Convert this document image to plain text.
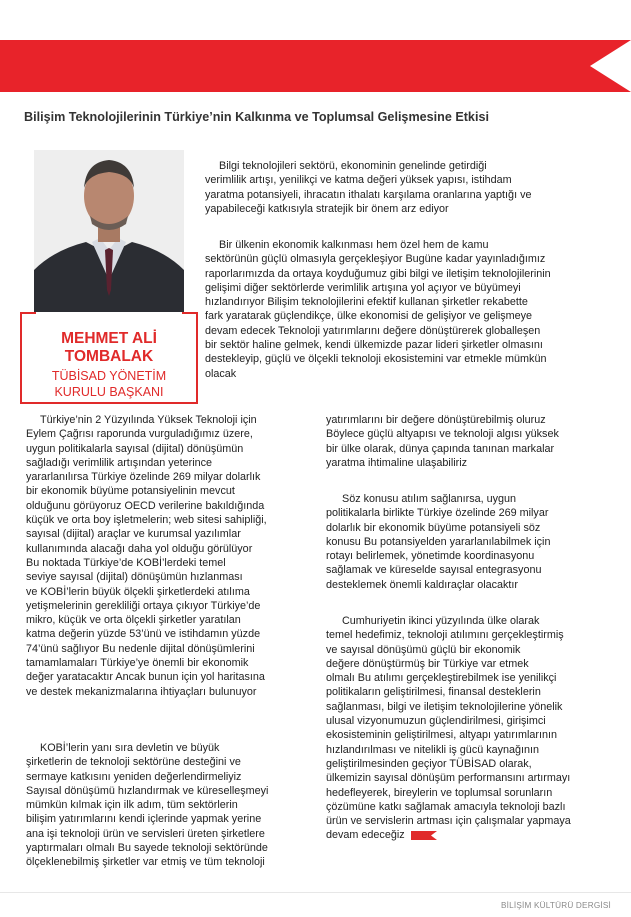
Bilişim Teknolojilerinin Türkiye’nin Kalkınma ve Toplumsal Gelişmesine Etkisi
MEHMET ALİ
TOMBALAK
TÜBİSAD YÖNETİM
KURULU BAŞKANI
Bilgi teknolojileri sektörü, ekonominin genelinde getirdiği
verimlilik artışı, yenilikçi ve katma değeri yüksek yapısı, istihdam
yaratma potansiyeli, ihracatın ithalatı karşılama oranlarına yaptığı ve
yapabileceği katkısıyla stratejik bir önem arz ediyor
Bir ülkenin ekonomik kalkınması hem özel hem de kamu
sektörünün güçlü olmasıyla gerçekleşiyor Bugüne kadar yayınladığımız
raporlarımızda da ortaya koyduğumuz gibi bilgi ve iletişim teknolojilerinin
gelişimi diğer sektörlerde verimlilik artışına yol açıyor ve büyümeyi
hızlandırıyor Bilişim teknolojilerini efektif kullanan şirketler rekabette
fark yaratarak güçlendikçe, ülke ekonomisi de gelişiyor ve gelişmeye
devam edecek Teknoloji yatırımlarını değere dönüştürerek globalleşen
bir sektör haline gelmek, kendi ülkemizde pazar lideri şirketler olmasını
destekleyip, güçlü ve ölçekli teknoloji ekosistemini var etmekle mümkün
olacak
Türkiye’nin 2 Yüzyılında Yüksek Teknoloji için
Eylem Çağrısı raporunda vurguladığımız üzere,
uygun politikalarla sayısal (dijital) dönüşümün
sağladığı verimlilik artışından yeterince
yararlanılırsa Türkiye özelinde 269 milyar dolarlık
bir ekonomik büyüme potansiyelinin mevcut
olduğunu görüyoruz OECD verilerine bakıldığında
küçük ve orta boy işletmelerin; web sitesi sahipliği,
sayısal (dijital) araçlar ve kurumsal yazılımlar
kullanımında alacağı daha yol olduğu görülüyor
Bu noktada Türkiye’de KOBİ’lerdeki temel
seviye sayısal (dijital) dönüşümün hızlanması
ve KOBİ’lerin büyük ölçekli şirketlerdeki atılıma
yetişmelerinin gerekliliği ortaya çıkıyor Türkiye’de
mikro, küçük ve orta ölçekli şirketler yaratılan
katma değerin yüzde 53’ünü ve istihdamın yüzde
74’ünü sağlıyor Bu nedenle dijital dönüşümlerini
tamamlamaları Türkiye’ye önemli bir ekonomik
değer yaratacaktır Ancak bunun için yol haritasına
ve destek mekanizmalarına ihtiyaçları bulunuyor
KOBİ’lerin yanı sıra devletin ve büyük
şirketlerin de teknoloji sektörüne desteğini ve
sermaye katkısını yeniden değerlendirmeliyiz
Sayısal dönüşümü hızlandırmak ve küreselleşmeyi
mümkün kılmak için ilk adım, tüm sektörlerin
bilişim yatırımlarını kendi içlerinde yapmak yerine
ana işi teknoloji ürün ve servisleri üreten şirketlere
yaptırmaları olmalı Bu sayede teknoloji sektöründe
ölçeklenebilmiş şirketler var etmiş ve tüm teknoloji
yatırımlarını bir değere dönüştürebilmiş oluruz
Böylece güçlü altyapısı ve teknoloji algısı yüksek
bir ülke olarak, dünya çapında tanınan markalar
yaratma ihtimaline ulaşabiliriz
Söz konusu atılım sağlanırsa, uygun
politikalarla birlikte Türkiye özelinde 269 milyar
dolarlık bir ekonomik büyüme potansiyeli söz
konusu Bu potansiyelden yararlanılabilmek için
rotayı belirlemek, yönetimde koordinasyonu
sağlamak ve küreselde sayısal entegrasyonu
desteklemek önemli kaldıraçlar olacaktır
Cumhuriyetin ikinci yüzyılında ülke olarak
temel hedefimiz, teknoloji atılımını gerçekleştirmiş
ve sayısal dönüşümü güçlü bir ekonomik
değere dönüştürmüş bir Türkiye var etmek
olmalı Bu atılımı gerçekleştirebilmek ise yenilikçi
politikaların geliştirilmesi, finansal desteklerin
sağlanması, bilgi ve iletişim teknolojilerine yönelik
ulusal vizyonumuzun güçlendirilmesi, girişimci
ekosisteminin geliştirilmesi, altyapı yatırımlarının
hızlandırılması ve nitelikli iş gücü kaynağının
geliştirilmesinden geçiyor TÜBİSAD olarak,
ülkemizin sayısal dönüşüm performansını artırmayı
hedefleyerek, bireylerin ve toplumsal sorunların
çözümüne katkı sağlamak amacıyla teknoloji bazlı
ürün ve servislerin artması için çalışmalar yapmaya
devam edeceğiz
BİLİŞİM KÜLTÜRÜ DERGİSİ
